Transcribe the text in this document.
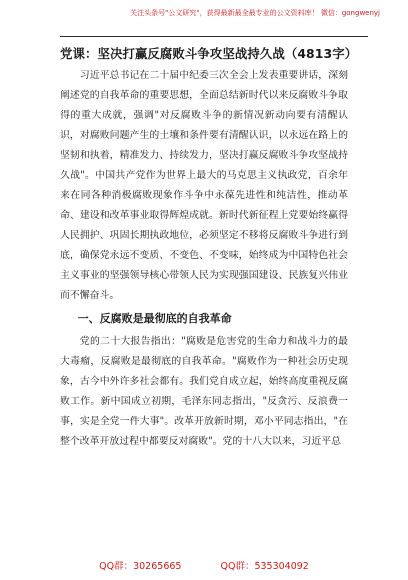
关注头条号"公文研究"，获得最新最全最专业的公文资料库！ 微信：gongwenyj
党课：坚决打赢反腐败斗争攻坚战持久战（4813字）

习近平总书记在二十届中纪委三次全会上发表重要讲话，深刻阐述党的自我革命的重要思想，全面总结新时代以来反腐败斗争取得的重大成就，强调"对反腐败斗争的新情况新动向要有清醒认识，对腐败问题产生的土壤和条件要有清醒认识，以永远在路上的坚韧和执着，精准发力、持续发力，坚决打赢反腐败斗争攻坚战持久战"。中国共产党作为世界上最大的马克思主义执政党，百余年来在同各种消极腐败现象作斗争中永葆先进性和纯洁性，推动革命、建设和改革事业取得辉煌成就。新时代新征程上党要始终赢得人民拥护、巩固长期执政地位，必须坚定不移将反腐败斗争进行到底，确保党永远不变质、不变色、不变味，始终成为中国特色社会主义事业的坚强领导核心带领人民为实现强国建设、民族复兴伟业而不懈奋斗。

一、反腐败是最彻底的自我革命

党的二十大报告指出："腐败是危害党的生命力和战斗力的最大毒瘤，反腐败是最彻底的自我革命。"腐败作为一种社会历史现象，古今中外许多社会都有。我们党自成立起，始终高度重视反腐败工作。新中国成立初期，毛泽东同志指出，"反贪污、反浪费一事，实是全党一件大事"。改革开放新时期，邓小平同志指出，"在整个改革开放过程中都要反对腐败"。党的十八大以来，习近平总

QQ群：30265665	QQ群：535304092
